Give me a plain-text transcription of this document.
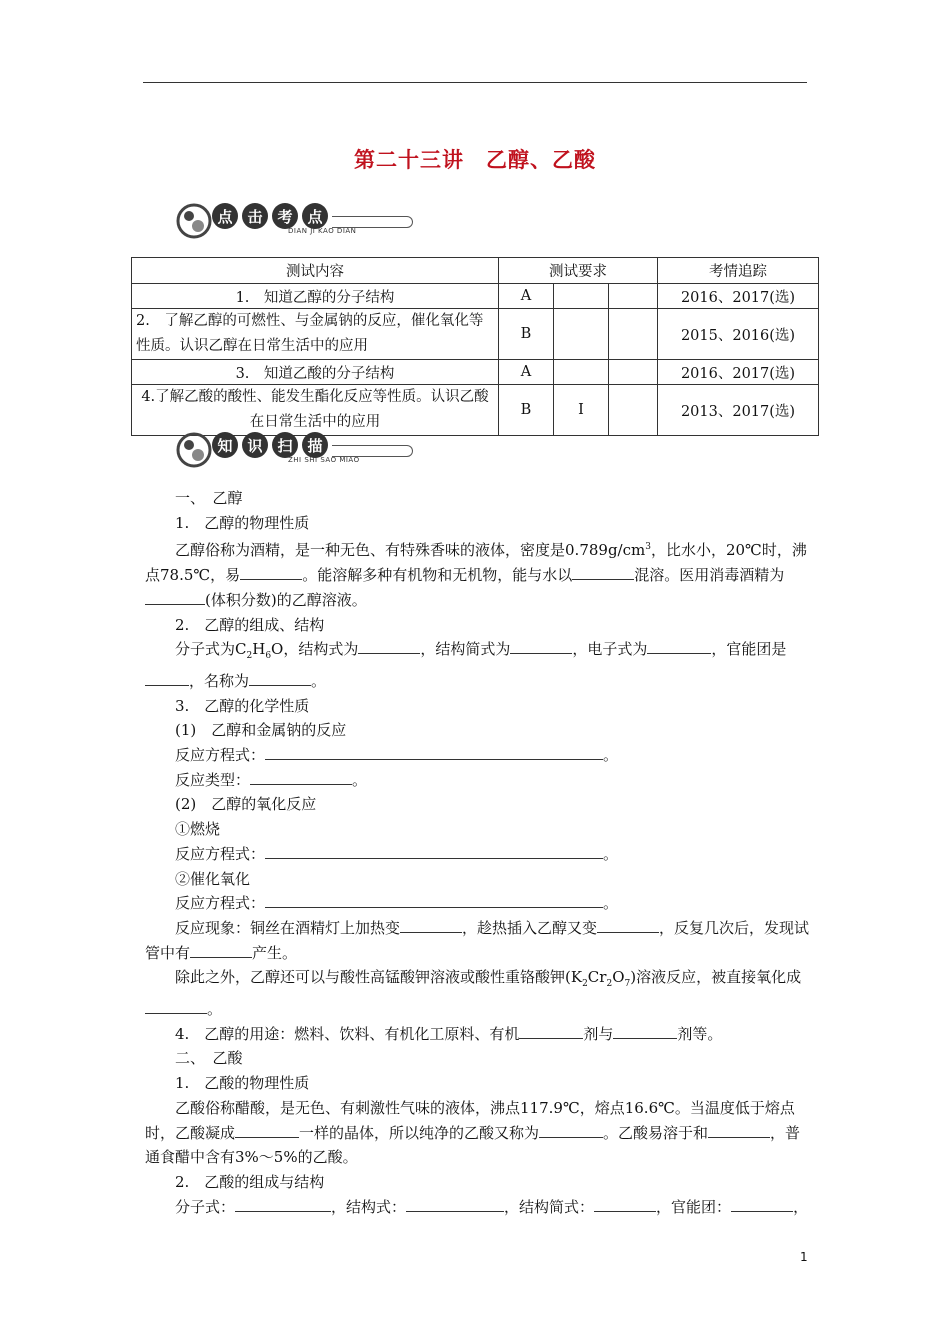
第二十三讲　乙醇、乙酸
点 击 考 点
DIAN JI KAO DIAN
测试内容	测试要求			考情追踪
1.　知道乙醇的分子结构	A			2016、2017(选)
2.　了解乙醇的可燃性、与金属钠的反应，催化氧化等性质。认识乙醇在日常生活中的应用	B			2015、2016(选)
3.　知道乙酸的分子结构	A			2016、2017(选)
4.了解乙酸的酸性、能发生酯化反应等性质。认识乙酸在日常生活中的应用	B	Ⅰ		2013、2017(选)
知 识 扫 描
ZHI SHI SAO MIAO

一、　乙醇

1.　乙醇的物理性质

乙醇俗称为酒精，是一种无色、有特殊香味的液体，密度是$0.789g/cm^3$，比水小，20℃时，沸点78.5℃，易	。能溶解多种有机物和无机物，能与水以	混溶。医用消毒酒精为(体积分数)的乙醇溶液。

2.　乙醇的组成、结构

分子式为$C_2H_6O$，结构式为	，结构简式为	，电子式为	，官能团是，名称为	。

3.　乙醇的化学性质

(1)　乙醇和金属钠的反应

反应方程式：	。

反应类型：	。

(2)　乙醇的氧化反应

①燃烧

反应方程式：	。

②催化氧化

反应方程式：	。

反应现象：铜丝在酒精灯上加热变	，趁热插入乙醇又变	，反复几次后，发现试管中有	产生。

除此之外，乙醇还可以与酸性高锰酸钾溶液或酸性重铬酸钾$(K_2Cr_2O_7)$溶液反应，被直接氧化成。

4.　乙醇的用途：燃料、饮料、有机化工原料、有机	剂与	剂等。

二、　乙酸

1.　乙酸的物理性质

乙酸俗称醋酸，是无色、有刺激性气味的液体，沸点117.9℃，熔点16.6℃。当温度低于熔点时，乙酸凝成	一样的晶体，所以纯净的乙酸又称为	。乙酸易溶于和	，普通食醋中含有3%～5%的乙酸。

2.　乙酸的组成与结构

分子式：	，结构式：	，结构简式：	，官能团：	，

1
